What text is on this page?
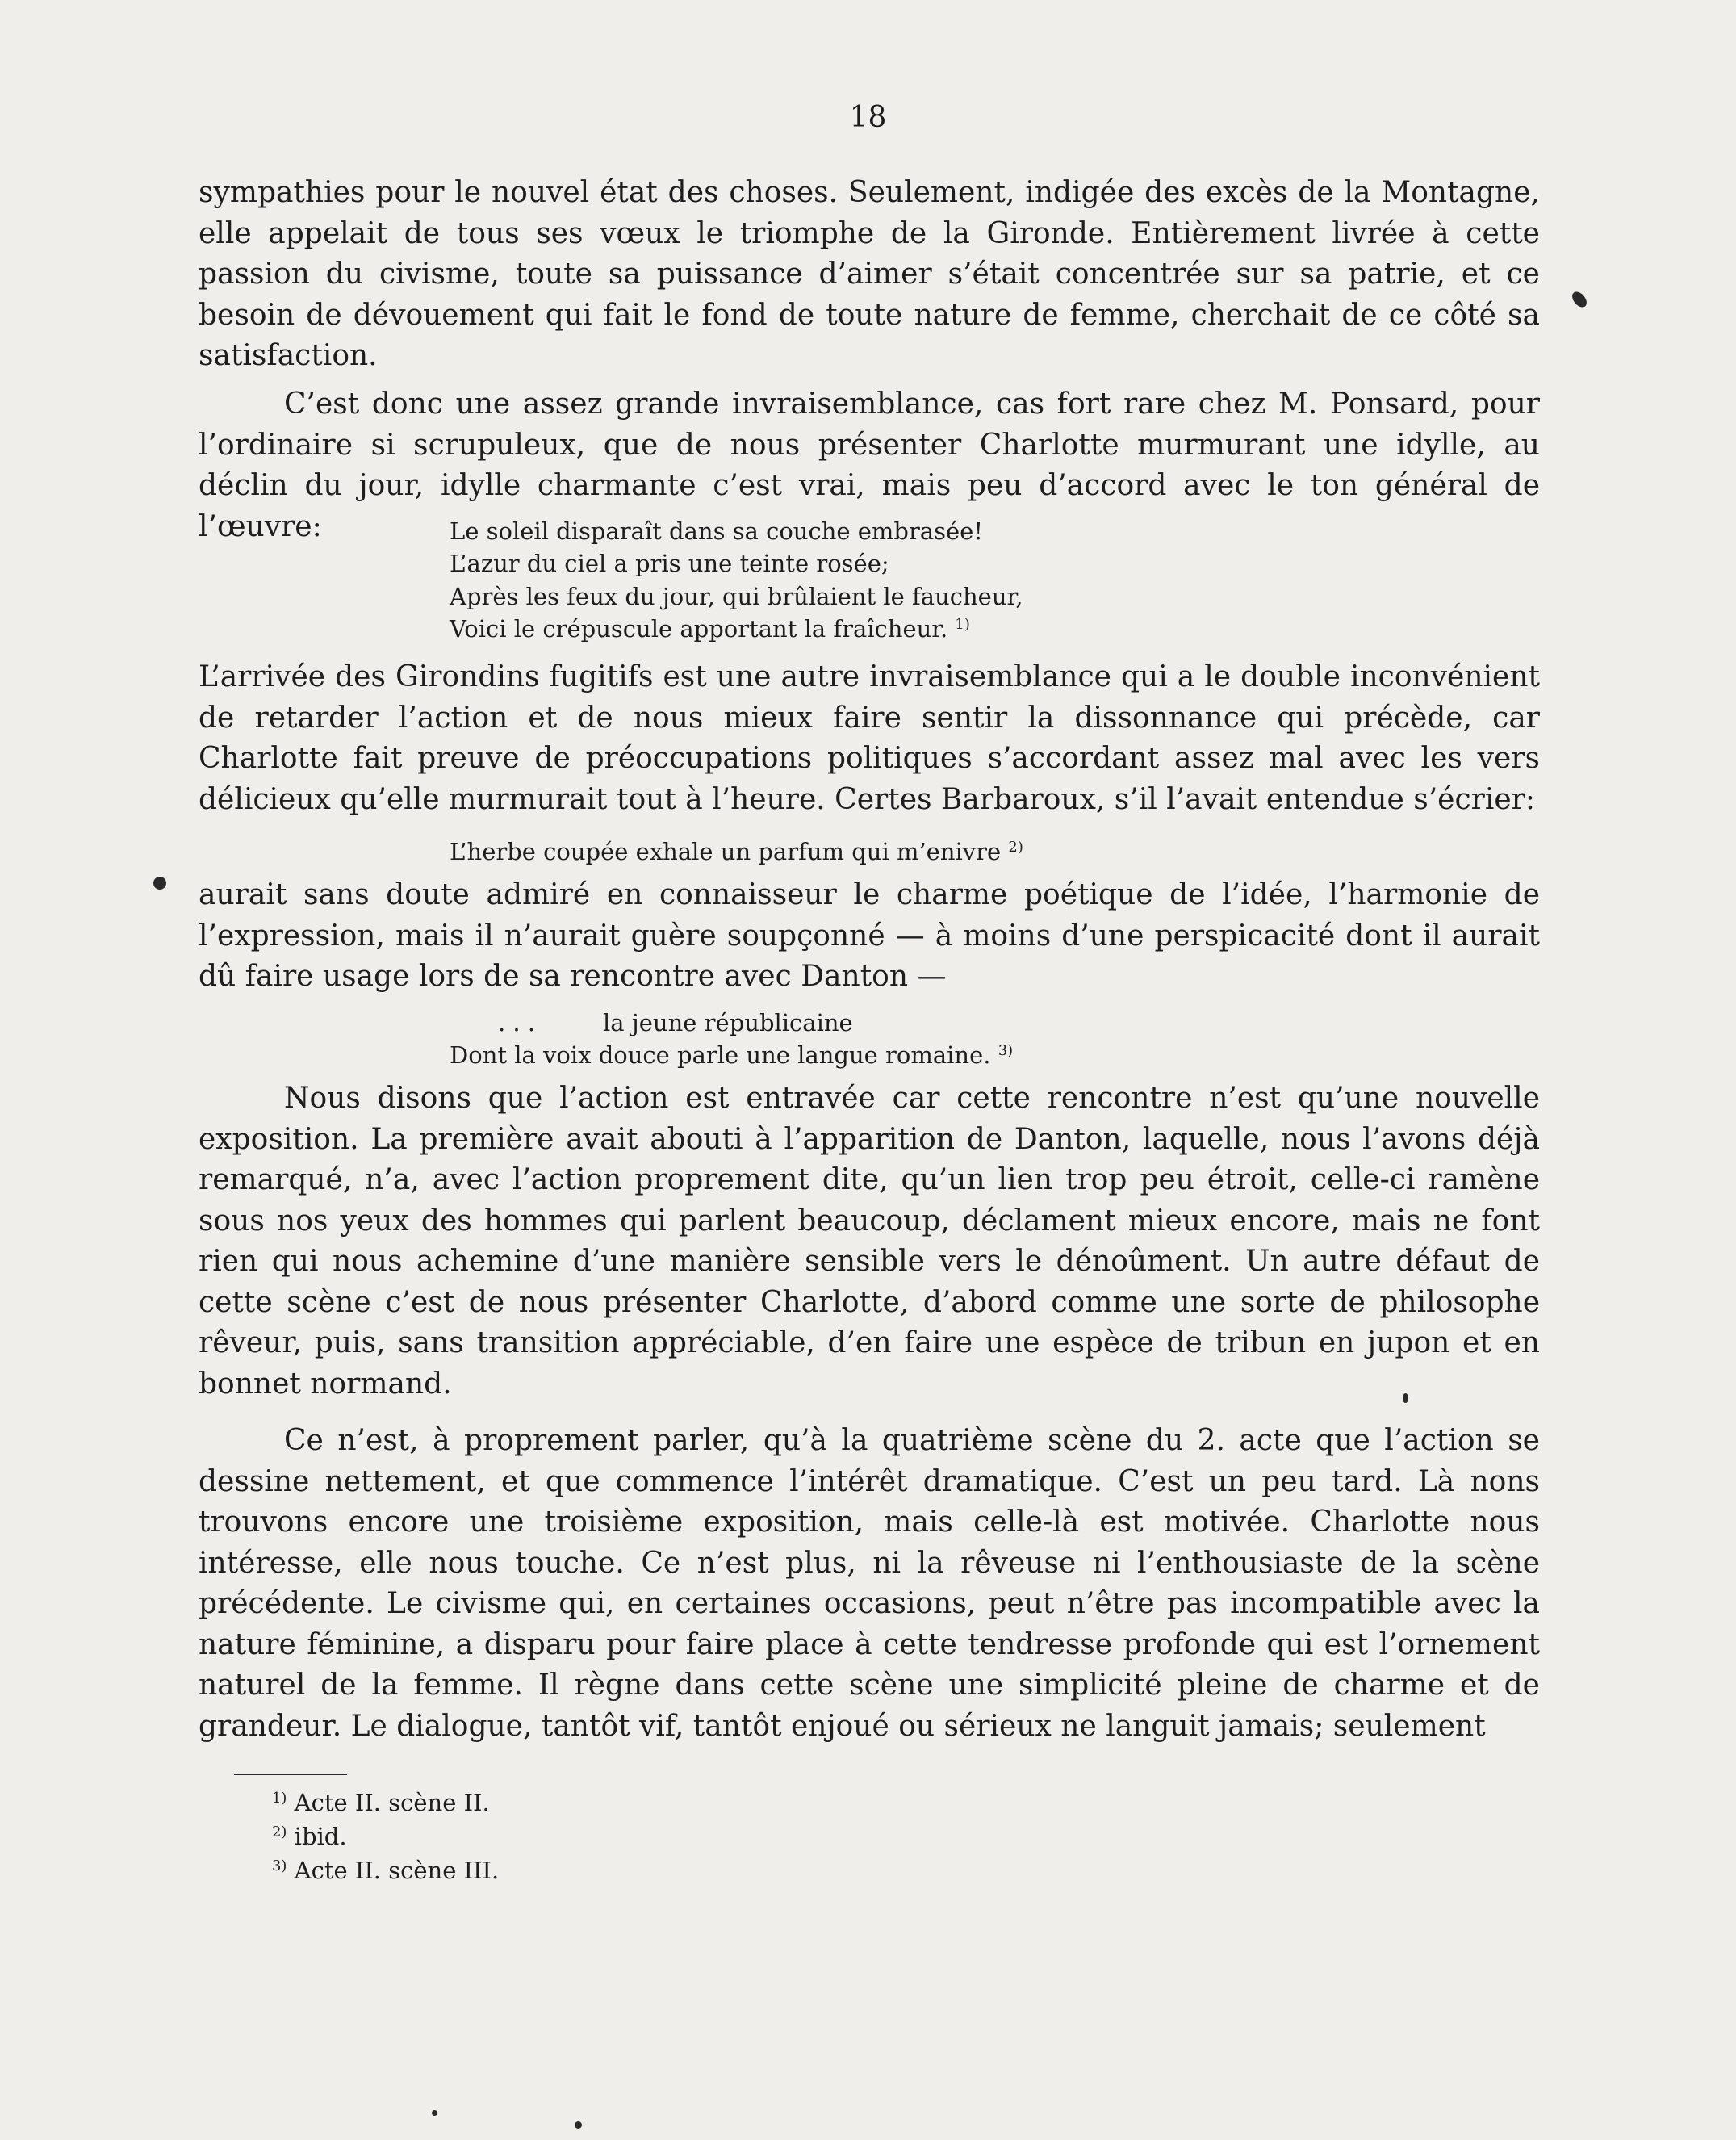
18

sympathies pour le nouvel état des choses. Seulement, indigée des excès de la Montagne, elle appelait de tous ses vœux le triomphe de la Gironde. Entièrement livrée à cette passion du civisme, toute sa puissance d’aimer s’était concentrée sur sa patrie, et ce besoin de dévouement qui fait le fond de toute nature de femme, cherchait de ce côté sa satisfaction.

C’est donc une assez grande invraisemblance, cas fort rare chez M. Ponsard, pour l’ordinaire si scrupuleux, que de nous présenter Charlotte murmurant une idylle, au déclin du jour, idylle charmante c’est vrai, mais peu d’accord avec le ton général de l’œuvre:	Le soleil disparaît dans sa couche embrasée!
L’azur du ciel a pris une teinte rosée;
Après les feux du jour, qui brûlaient le faucheur,
Voici le crépuscule apportant la fraîcheur. $^{1)}$

L’arrivée des Girondins fugitifs est une autre invraisemblance qui a le double inconvénient de retarder l’action et de nous mieux faire sentir la dissonnance qui précède, car Charlotte fait preuve de préoccupations politiques s’accordant assez mal avec les vers délicieux qu’elle murmurait tout à l’heure. Certes Barbaroux, s’il l’avait entendue s’écrier:

L’herbe coupée exhale un parfum qui m’enivre $^{2)}$

aurait sans doute admiré en connaisseur le charme poétique de l’idée, l’harmonie de l’expression, mais il n’aurait guère soupçonné — à moins d’une perspicacité dont il aurait dû faire usage lors de sa rencontre avec Danton —

. . .	la jeune républicaine
Dont la voix douce parle une langue romaine. $^{3)}$

Nous disons que l’action est entravée car cette rencontre n’est qu’une nouvelle exposition. La première avait abouti à l’apparition de Danton, laquelle, nous l’avons déjà remarqué, n’a, avec l’action proprement dite, qu’un lien trop peu étroit, celle-ci ramène sous nos yeux des hommes qui parlent beaucoup, déclament mieux encore, mais ne font rien qui nous achemine d’une manière sensible vers le dénoûment. Un autre défaut de cette scène c’est de nous présenter Charlotte, d’abord comme une sorte de philosophe rêveur, puis, sans transition appréciable, d’en faire une espèce de tribun en jupon et en bonnet normand.

Ce n’est, à proprement parler, qu’à la quatrième scène du 2. acte que l’action se dessine nettement, et que commence l’intérêt dramatique. C’est un peu tard. Là nons trouvons encore une troisième exposition, mais celle-là est motivée. Charlotte nous intéresse, elle nous touche. Ce n’est plus, ni la rêveuse ni l’enthousiaste de la scène précédente. Le civisme qui, en certaines occasions, peut n’être pas incompatible avec la nature féminine, a disparu pour faire place à cette tendresse profonde qui est l’ornement naturel de la femme. Il règne dans cette scène une simplicité pleine de charme et de grandeur. Le dialogue, tantôt vif, tantôt enjoué ou sérieux ne languit jamais; seulement

$^{1)}$ Acte II. scène II.
$^{2)}$ ibid.
$^{3)}$ Acte II. scène III.
